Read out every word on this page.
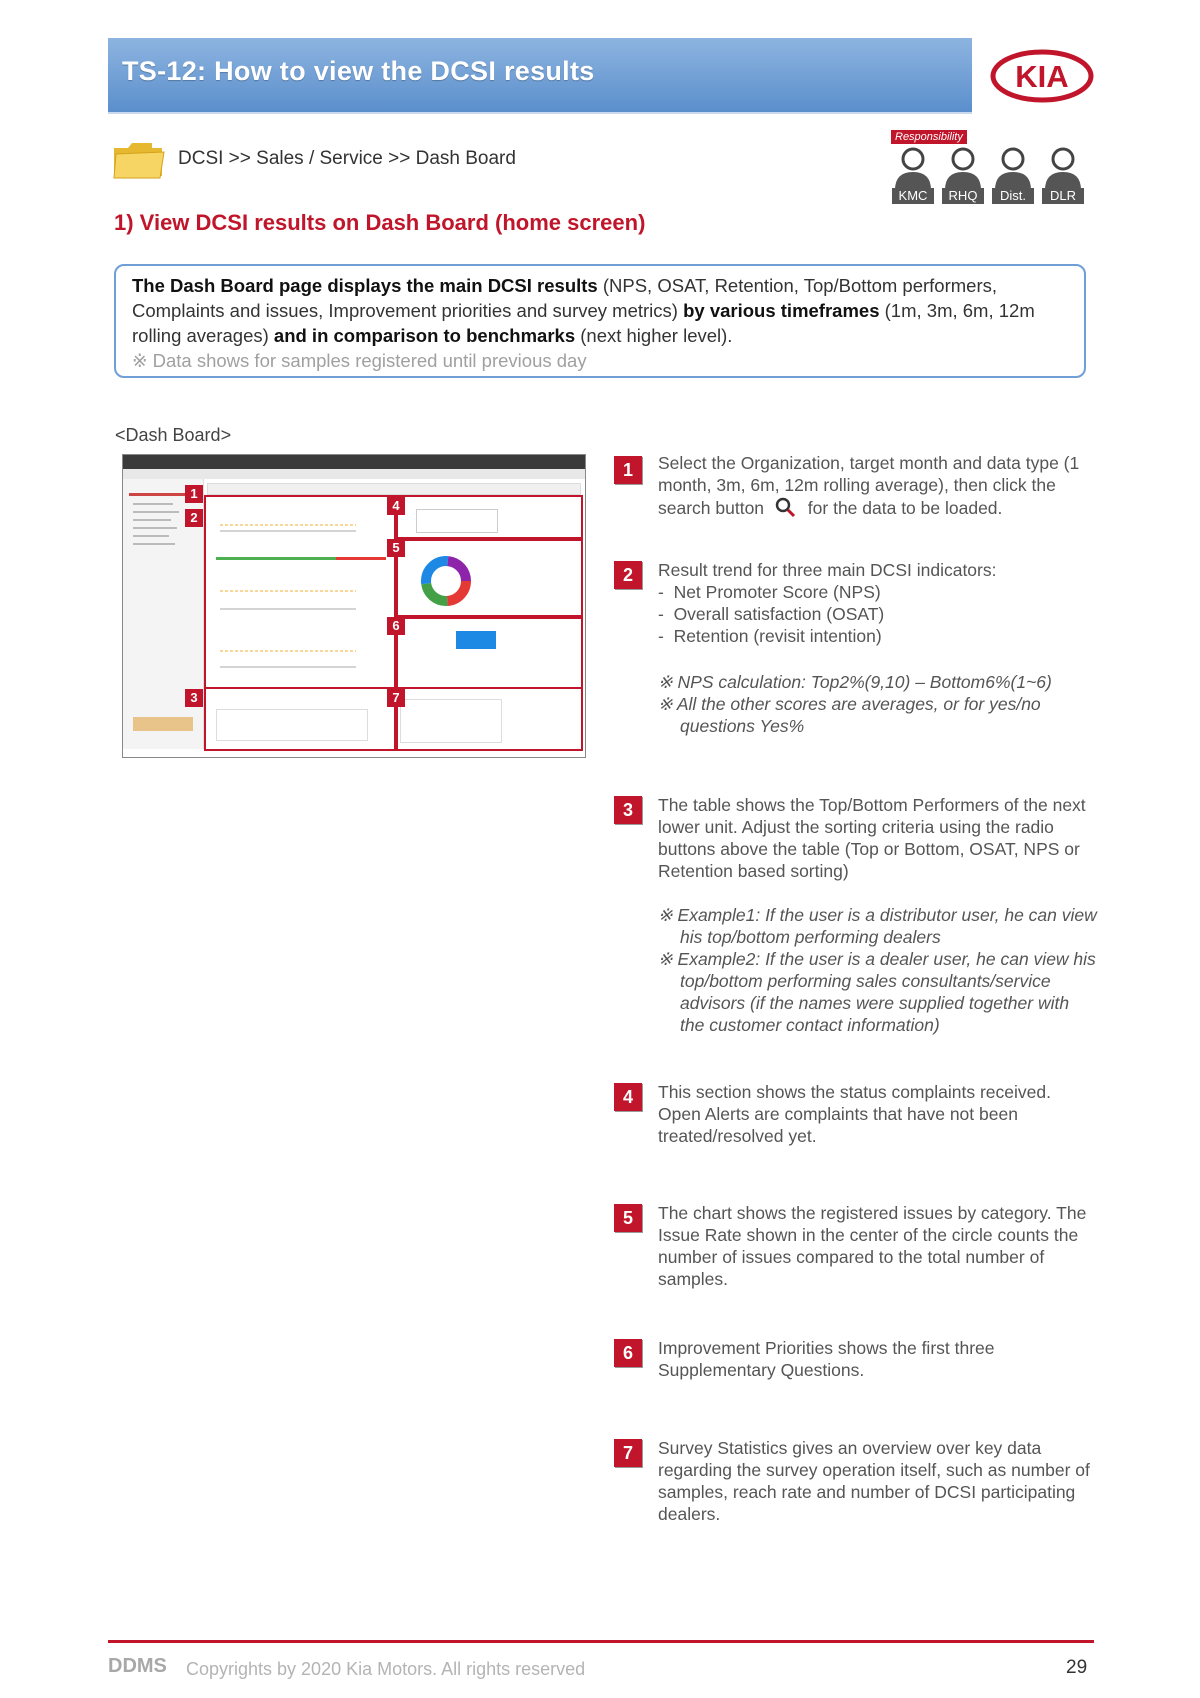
TS-12: How to view the DCSI results	KIA
DCSI >> Sales / Service >> Dash Board
Responsibility
KMC	RHQ	Dist.	DLR
1) View DCSI results on Dash Board (home screen)
The Dash Board page displays the main DCSI results (NPS, OSAT, Retention, Top/Bottom performers, Complaints and issues, Improvement priorities and survey metrics) by various timeframes (1m, 3m, 6m, 12m rolling averages) and in comparison to benchmarks (next higher level).
※ Data shows for samples registered until previous day
<Dash Board>
1
2
3
4
5
6
7
1	Select the Organization, target month and data type (1 month, 3m, 6m, 12m rolling average), then click the search button	for the data to be loaded.
2	Result trend for three main DCSI indicators:

-  Net Promoter Score (NPS)

-  Overall satisfaction (OSAT)

-  Retention (revisit intention)

※ NPS calculation: Top2%(9,10) – Bottom6%(1~6)

※ All the other scores are averages, or for yes/no questions Yes%

3	The table shows the Top/Bottom Performers of the next lower unit. Adjust the sorting criteria using the radio buttons above the table (Top or Bottom, OSAT, NPS or Retention based sorting)

※ Example1: If the user is a distributor user, he can view his top/bottom performing dealers

※ Example2: If the user is a dealer user, he can view his top/bottom performing sales consultants/service advisors (if the names were supplied together with the customer contact information)

4	This section shows the status complaints received. Open Alerts are complaints that have not been treated/resolved yet.
5	The chart shows the registered issues by category. The Issue Rate shown in the center of the circle counts the number of issues compared to the total number of samples.
6	Improvement Priorities shows the first three Supplementary Questions.
7	Survey Statistics gives an overview over key data regarding the survey operation itself, such as number of samples, reach rate and number of DCSI participating dealers.
DDMS Copyrights by 2020 Kia Motors. All rights reserved	29
